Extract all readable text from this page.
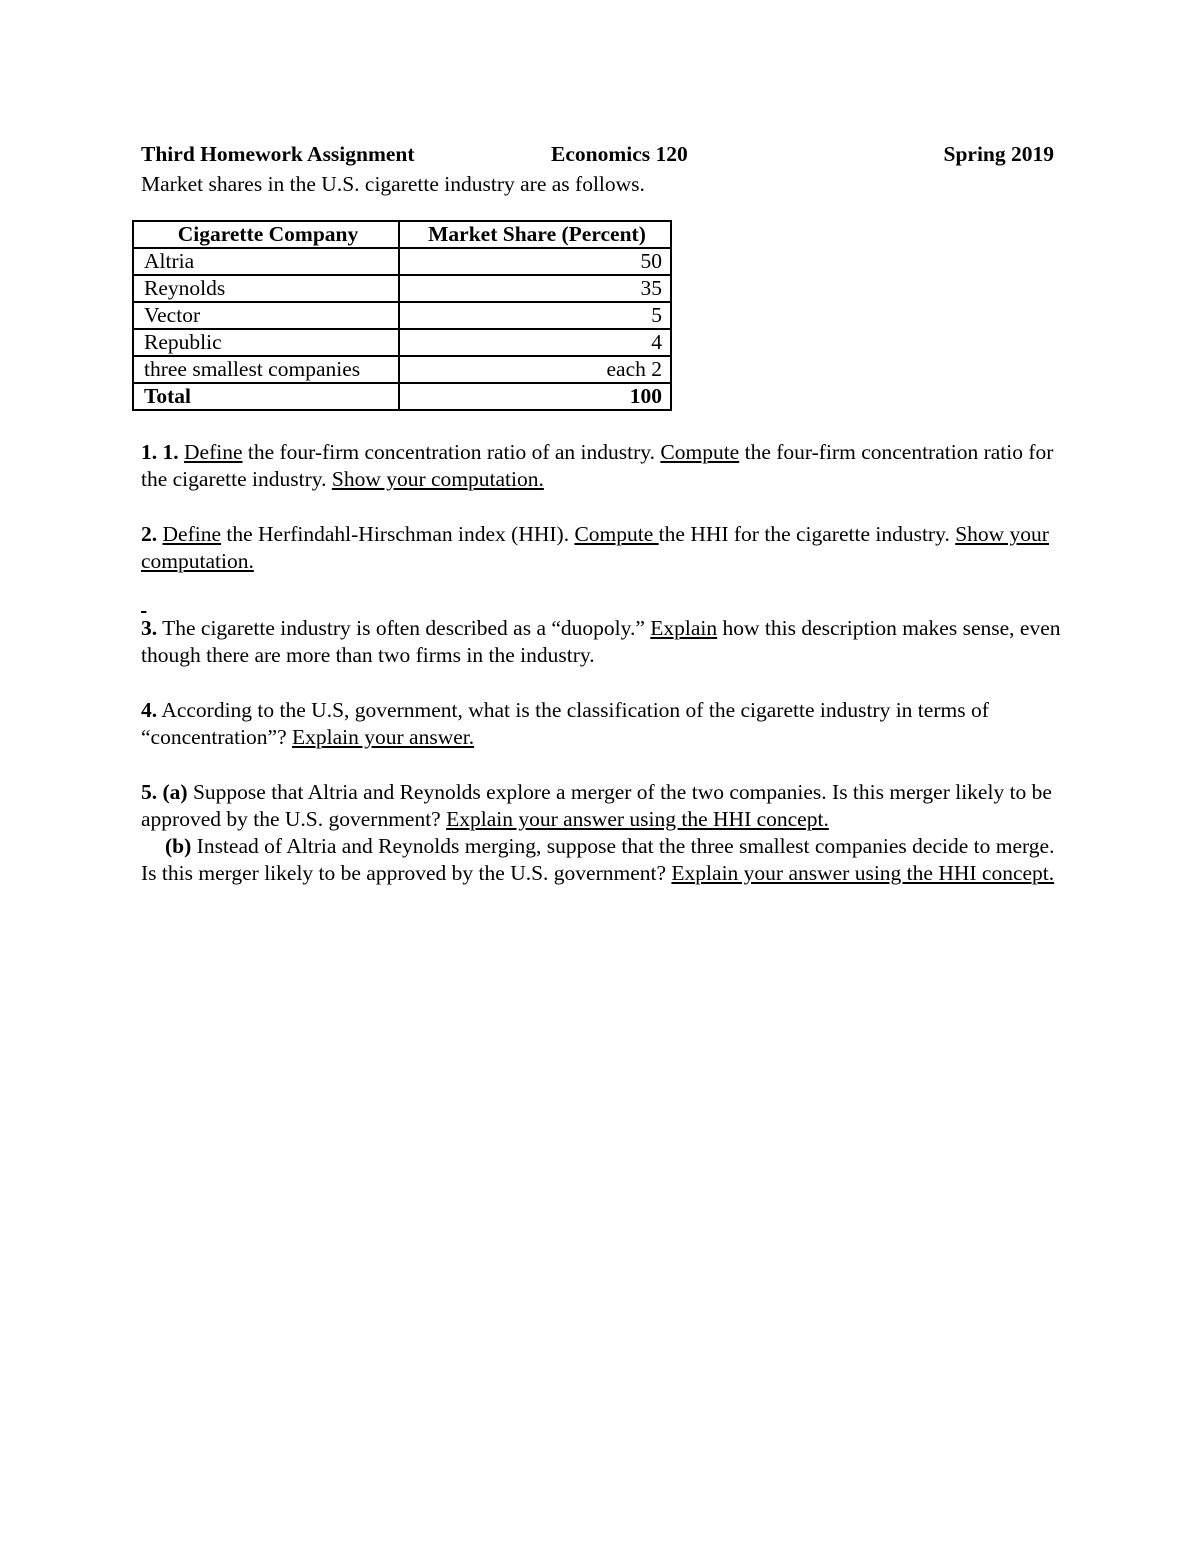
Third Homework Assignment	Economics 120	Spring 2019

Market shares in the U.S. cigarette industry are as follows.

Cigarette Company	Market Share (Percent)
Altria	50
Reynolds	35
Vector	5
Republic	4
three smallest companies	each 2
Total	100

1. 1. Define the four-firm concentration ratio of an industry. Compute the four-firm concentration ratio for the cigarette industry. Show your computation.

2. Define the Herfindahl-Hirschman index (HHI). Compute the HHI for the cigarette industry. Show your computation.

3. The cigarette industry is often described as a “duopoly.” Explain how this description makes sense, even though there are more than two firms in the industry.

4. According to the U.S, government, what is the classification of the cigarette industry in terms of “concentration”? Explain your answer.

5. (a) Suppose that Altria and Reynolds explore a merger of the two companies. Is this merger likely to be approved by the U.S. government? Explain your answer using the HHI concept.

(b) Instead of Altria and Reynolds merging, suppose that the three smallest companies decide to merge. Is this merger likely to be approved by the U.S. government? Explain your answer using the HHI concept.
